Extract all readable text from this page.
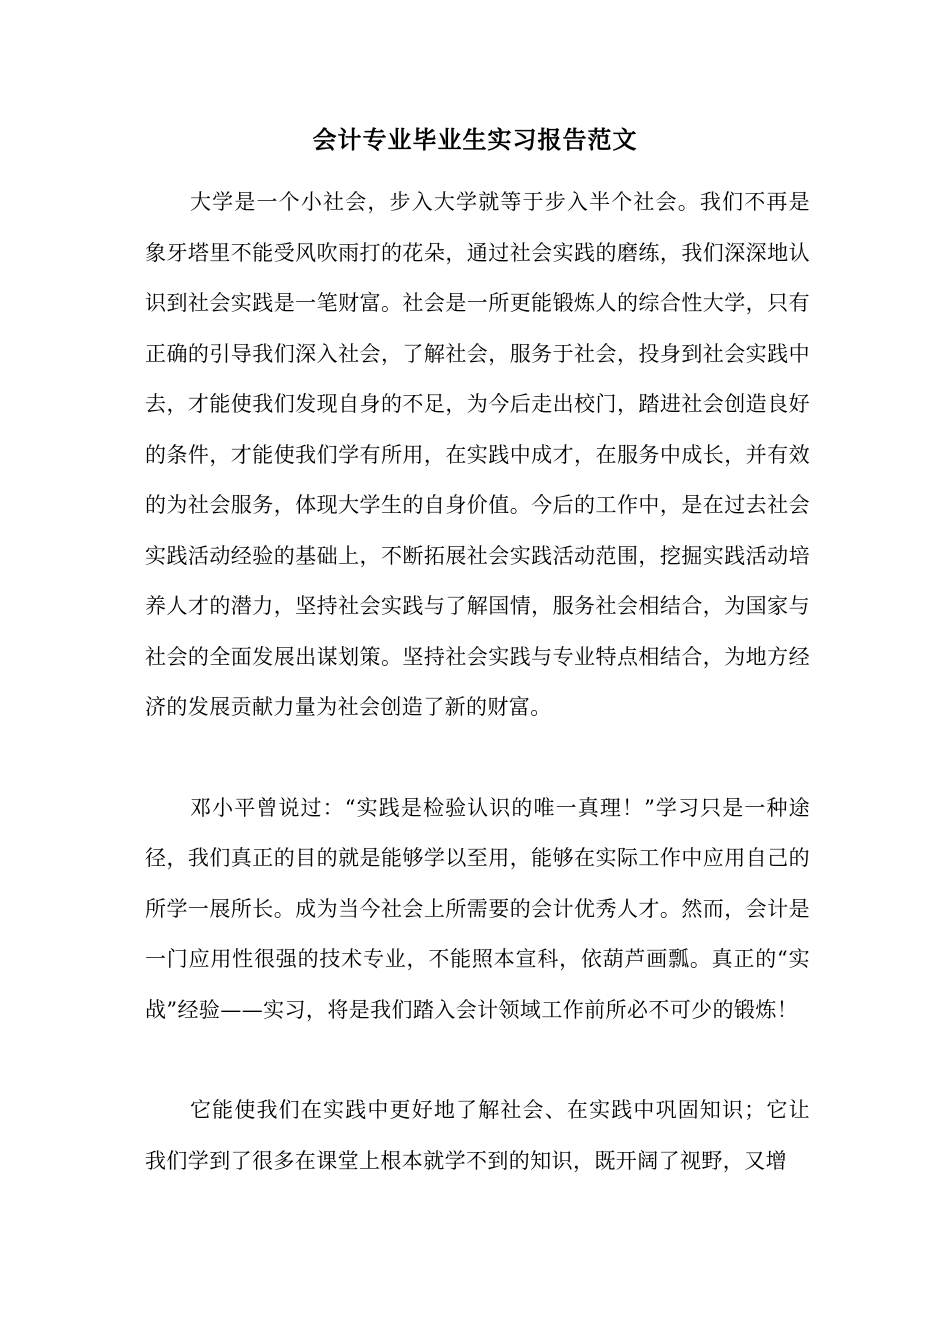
会计专业毕业生实习报告范文

大学是一个小社会，步入大学就等于步入半个社会。我们不再是象牙塔里不能受风吹雨打的花朵，通过社会实践的磨练，我们深深地认识到社会实践是一笔财富。社会是一所更能锻炼人的综合性大学，只有正确的引导我们深入社会，了解社会，服务于社会，投身到社会实践中去，才能使我们发现自身的不足，为今后走出校门，踏进社会创造良好的条件，才能使我们学有所用，在实践中成才，在服务中成长，并有效的为社会服务，体现大学生的自身价值。今后的工作中，是在过去社会实践活动经验的基础上，不断拓展社会实践活动范围，挖掘实践活动培养人才的潜力，坚持社会实践与了解国情，服务社会相结合，为国家与社会的全面发展出谋划策。坚持社会实践与专业特点相结合，为地方经济的发展贡献力量为社会创造了新的财富。

邓小平曾说过：“实践是检验认识的唯一真理！”学习只是一种途径，我们真正的目的就是能够学以至用，能够在实际工作中应用自己的所学一展所长。成为当今社会上所需要的会计优秀人才。然而，会计是一门应用性很强的技术专业，不能照本宣科，依葫芦画瓢。真正的“实战”经验——实习，将是我们踏入会计领域工作前所必不可少的锻炼！

它能使我们在实践中更好地了解社会、在实践中巩固知识；它让我们学到了很多在课堂上根本就学不到的知识，既开阔了视野，又增
